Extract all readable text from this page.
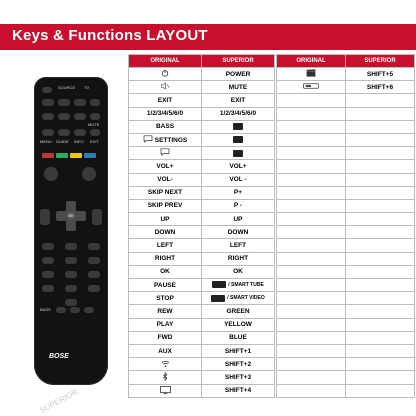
Keys & Functions LAYOUT
SOURCE TV
MUTE
MENU GUIDE INFO EXIT
OK
BASS
BOSE
SUPERIOR
ORIGINAL	SUPERIOR
	POWER
	MUTE
EXIT	EXIT
1/2/3/4/5/6/0	1/2/3/4/5/6/0
BASS	

SETTINGS	

VOL+	VOL+
VOL-	VOL -
SKIP NEXT	P+
SKIP PREV	P -
UP	UP
DOWN	DOWN
LEFT	LEFT
RIGHT	RIGHT
OK	OK
PAUSE	/ SMART TUBE

STOP	/ SMART VIDEO

REW	GREEN
PLAY	YELLOW
FWD	BLUE
AUX	SHIFT+1
	SHIFT+2
	SHIFT+3
	SHIFT+4
ORIGINAL	SUPERIOR
	SHIFT+5
	SHIFT+6
